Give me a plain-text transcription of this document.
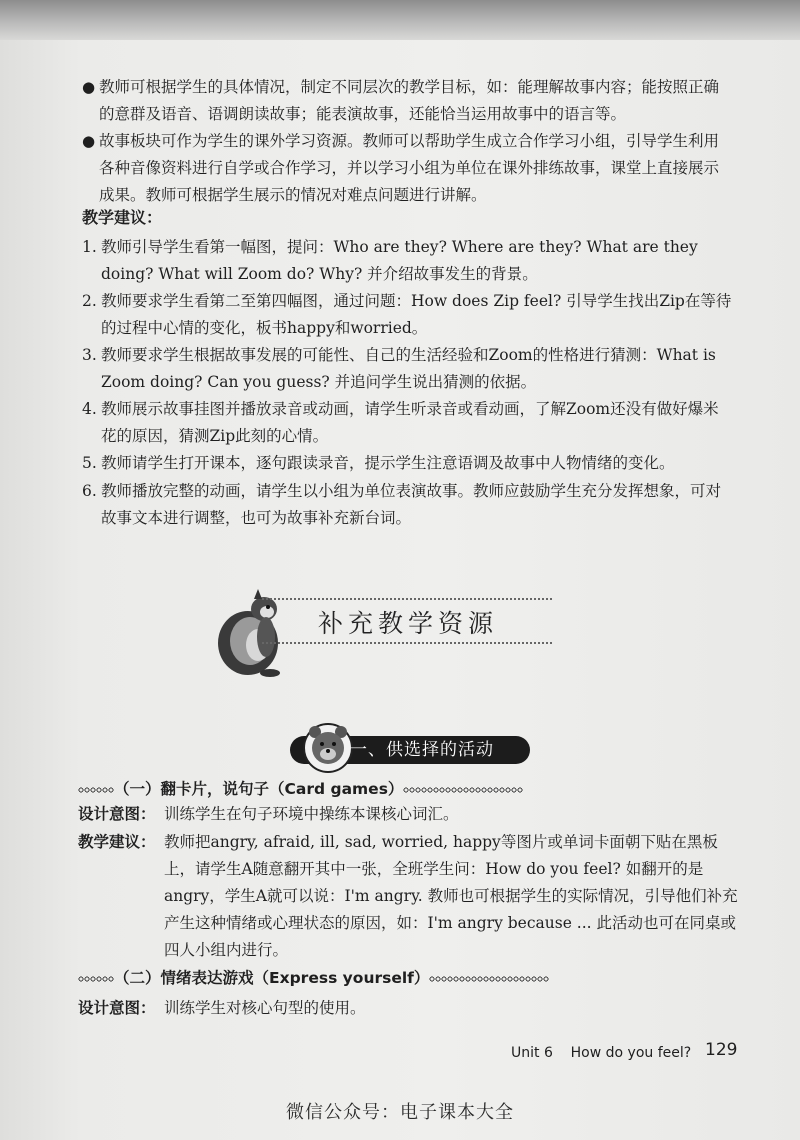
● 教师可根据学生的具体情况，制定不同层次的教学目标，如：能理解故事内容；能按照正确的意群及语音、语调朗读故事；能表演故事，还能恰当运用故事中的语言等。
● 故事板块可作为学生的课外学习资源。教师可以帮助学生成立合作学习小组，引导学生利用各种音像资料进行自学或合作学习，并以学习小组为单位在课外排练故事，课堂上直接展示成果。教师可根据学生展示的情况对难点问题进行讲解。
教学建议：
1. 教师引导学生看第一幅图，提问：Who are they? Where are they? What are they doing? What will Zoom do? Why? 并介绍故事发生的背景。
2. 教师要求学生看第二至第四幅图，通过问题：How does Zip feel? 引导学生找出Zip在等待的过程中心情的变化，板书happy和worried。
3. 教师要求学生根据故事发展的可能性、自己的生活经验和Zoom的性格进行猜测：What is Zoom doing? Can you guess? 并追问学生说出猜测的依据。
4. 教师展示故事挂图并播放录音或动画，请学生听录音或看动画，了解Zoom还没有做好爆米花的原因，猜测Zip此刻的心情。
5. 教师请学生打开课本，逐句跟读录音，提示学生注意语调及故事中人物情绪的变化。
6. 教师播放完整的动画，请学生以小组为单位表演故事。教师应鼓励学生充分发挥想象，可对故事文本进行调整，也可为故事补充新台词。
补充教学资源
一、供选择的活动
（一）翻卡片，说句子（Card games）
设计意图： 训练学生在句子环境中操练本课核心词汇。
教学建议： 教师把angry, afraid, ill, sad, worried, happy等图片或单词卡面朝下贴在黑板上，请学生A随意翻开其中一张，全班学生问：How do you feel? 如翻开的是angry，学生A就可以说：I'm angry. 教师也可根据学生的实际情况，引导他们补充产生这种情绪或心理状态的原因，如：I'm angry because ... 此活动也可在同桌或四人小组内进行。
（二）情绪表达游戏（Express yourself）
设计意图： 训练学生对核心句型的使用。
Unit 6    How do you feel? 129
微信公众号：电子课本大全
